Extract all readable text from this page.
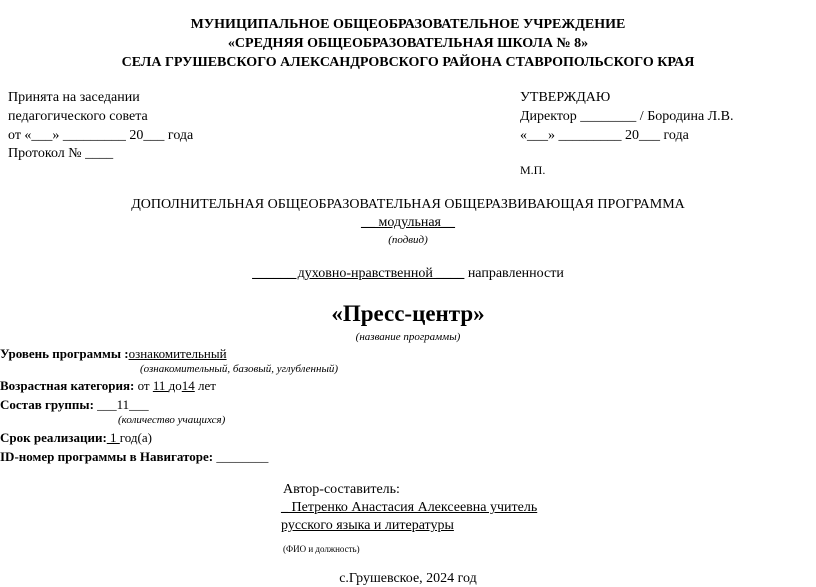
МУНИЦИПАЛЬНОЕ ОБЩЕОБРАЗОВАТЕЛЬНОЕ УЧРЕЖДЕНИЕ
«СРЕДНЯЯ ОБЩЕОБРАЗОВАТЕЛЬНАЯ ШКОЛА № 8»
СЕЛА ГРУШЕВСКОГО АЛЕКСАНДРОВСКОГО РАЙОНА СТАВРОПОЛЬСКОГО КРАЯ
Принята на заседании
педагогического совета
от «___» _________ 20___ года
Протокол № ____
УТВЕРЖДАЮ
Директор ________ / Бородина Л.В.
«___» _________ 20___ года
М.П.
ДОПОЛНИТЕЛЬНАЯ ОБЩЕОБРАЗОВАТЕЛЬНАЯ ОБЩЕРАЗВИВАЮЩАЯ ПРОГРАММА
__ модульная__
(подвид)
______ духовно-нравственной ____ направленности
«Пресс-центр»
(название программы)
Уровень программы :ознакомительный
(ознакомительный, базовый, углубленный)
Возрастная категория: от 11 до14 лет
Состав группы: ___11___
(количество учащихся)
Срок реализации: 1 год(а)
ID-номер программы в Навигаторе: ________
Автор-составитель:
_ Петренко Анастасия Алексеевна учитель
русского языка и литературы
(ФИО и должность)
с.Грушевское, 2024 год
